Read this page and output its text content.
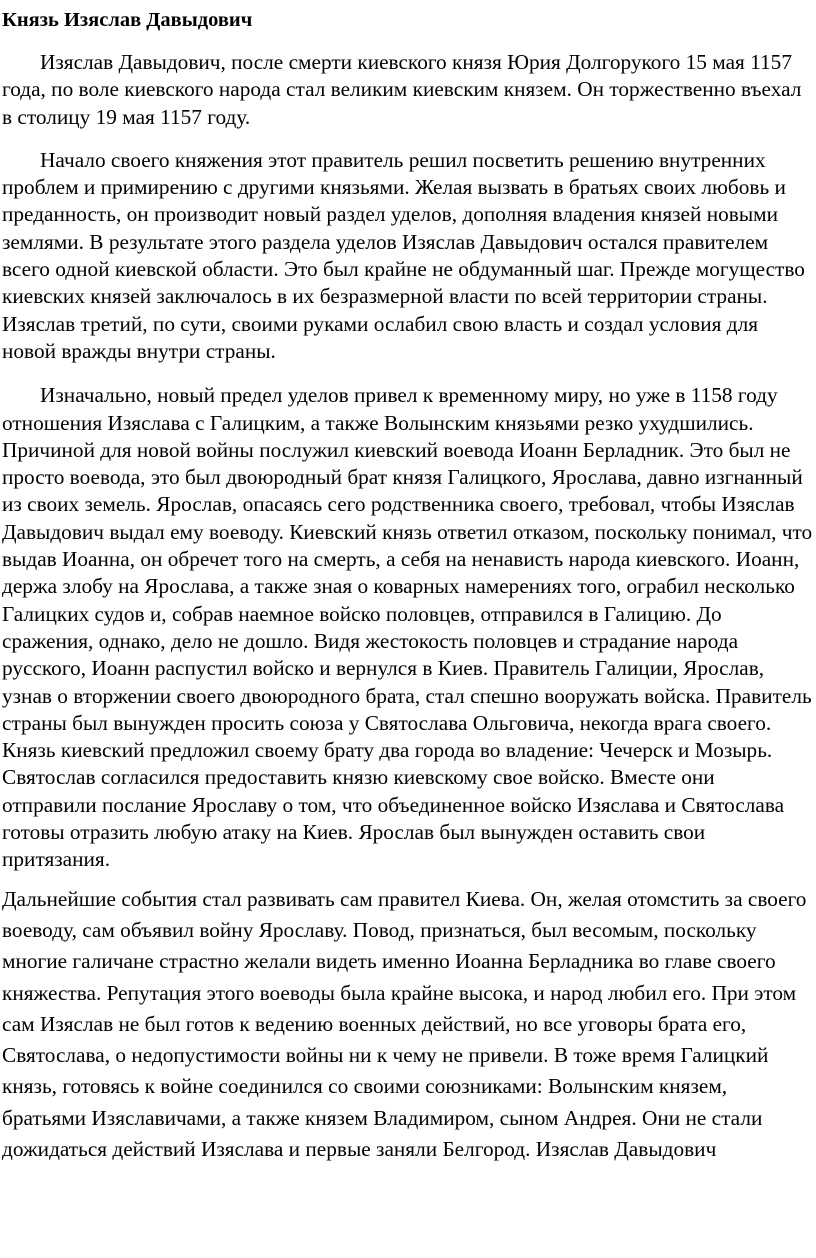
Князь Изяслав Давыдович

Изяслав Давыдович, после смерти киевского князя Юрия Долгорукого 15 мая 1157 года, по воле киевского народа стал великим киевским князем. Он торжественно въехал в столицу 19 мая 1157 году.

Начало своего княжения этот правитель решил посветить решению внутренних проблем и примирению с другими князьями. Желая вызвать в братьях своих любовь и преданность, он производит новый раздел уделов, дополняя владения князей новыми землями. В результате этого раздела уделов Изяслав Давыдович остался правителем всего одной киевской области. Это был крайне не обдуманный шаг. Прежде могущество киевских князей заключалось в их безразмерной власти по всей территории страны. Изяслав третий, по сути, своими руками ослабил свою власть и создал условия для новой вражды внутри страны.

Изначально, новый предел уделов привел к временному миру, но уже в 1158 году отношения Изяслава с Галицким, а также Волынским князьями резко ухудшились. Причиной для новой войны послужил киевский воевода Иоанн Берладник. Это был не просто воевода, это был двоюродный брат князя Галицкого, Ярослава, давно изгнанный из своих земель. Ярослав, опасаясь сего родственника своего, требовал, чтобы Изяслав Давыдович выдал ему воеводу. Киевский князь ответил отказом, поскольку понимал, что выдав Иоанна, он обречет того на смерть, а себя на ненависть народа киевского. Иоанн, держа злобу на Ярослава, а также зная о коварных намерениях того, ограбил несколько Галицких судов и, собрав наемное войско половцев, отправился в Галицию. До сражения, однако, дело не дошло. Видя жестокость половцев и страдание народа русского, Иоанн распустил войско и вернулся в Киев. Правитель Галиции, Ярослав, узнав о вторжении своего двоюродного брата, стал спешно вооружать войска. Правитель страны был вынужден просить союза у Святослава Ольговича, некогда врага своего. Князь киевский предложил своему брату два города во владение: Чечерск и Мозырь. Святослав согласился предоставить князю киевскому свое войско. Вместе они отправили послание Ярославу о том, что объединенное войско Изяслава и Святослава готовы отразить любую атаку на Киев. Ярослав был вынужден оставить свои притязания.

Дальнейшие события стал развивать сам правител Киева. Он, желая отомстить за своего воеводу, сам объявил войну Ярославу. Повод, признаться, был весомым, поскольку многие галичане страстно желали видеть именно Иоанна Берладника во главе своего княжества. Репутация этого воеводы была крайне высока, и народ любил его. При этом сам Изяслав не был готов к ведению военных действий, но все уговоры брата его, Святослава, о недопустимости войны ни к чему не привели. В тоже время Галицкий князь, готовясь к войне соединился со своими союзниками: Волынским князем, братьями Изяславичами, а также князем Владимиром, сыном Андрея. Они не стали дожидаться действий Изяслава и первые заняли Белгород. Изяслав Давыдович
